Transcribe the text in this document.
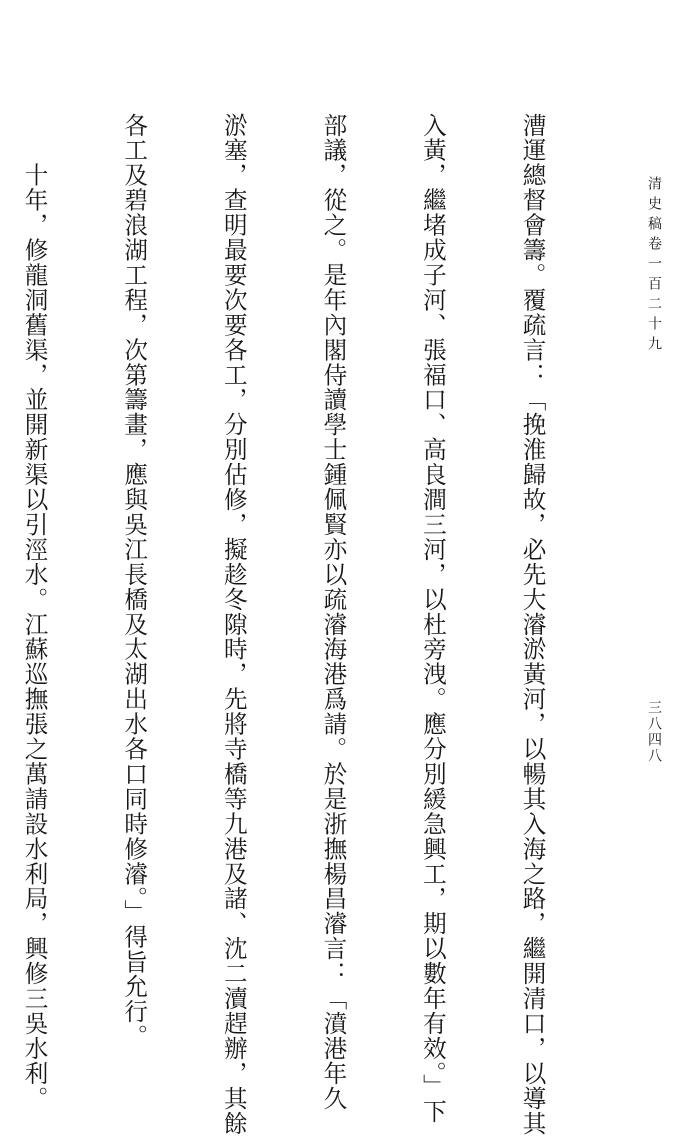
清史稿卷一百二十九
三八四八

漕運總督會籌。覆疏言：「挽淮歸故，必先大濬淤黃河，以暢其入海之路，繼開清口，以導其

入黃，繼堵成子河、張福口、高良澗三河，以杜旁洩。應分別緩急興工，期以數年有效。」下

部議，從之。是年內閣侍讀學士鍾佩賢亦以疏濬海港爲請。於是浙撫楊昌濬言：「濆港年久

淤塞，查明最要次要各工，分別估修，擬趁冬隙時，先將寺橋等九港及諸、沈二瀆趕辦，其餘

各工及碧浪湖工程，次第籌畫，應與吳江長橋及太湖出水各口同時修濬。」得旨允行。

　　十年，修龍洞舊渠，並開新渠以引涇水。江蘇巡撫張之萬請設水利局，興修三吳水利。
